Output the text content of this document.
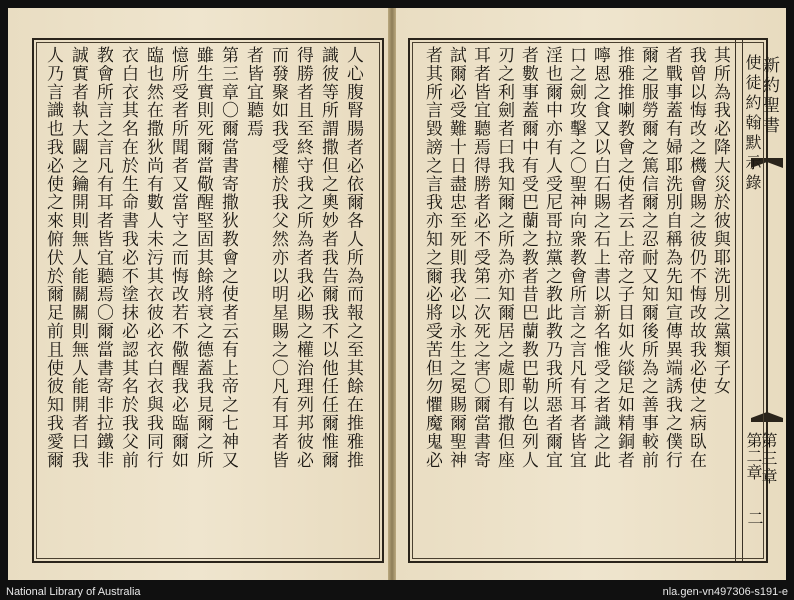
人乃言識也我必使之來俯伏於爾足前且使彼知我愛爾 誠實者執大闢之鑰開則無人能關關則無人能開者曰我 教會所言之言凡有耳者皆宜聽焉〇爾當書寄非拉鐵非 衣白衣其名在於生命書我必不塗抹必認其名於我父前 臨也然在撒狄尚有數人未污其衣彼必衣白衣與我同行 憶所受者所聞者又當守之而悔改若不儆醒我必臨爾如 雖生實則死爾當儆醒堅固其餘將衰之德蓋我見爾之所 第三章〇爾當書寄撒狄教會之使者云有上帝之七神又 者皆宜聽焉 而發聚如我受權於我父然亦以明星賜之〇凡有耳者皆 得勝者且至終守我之所為者我必賜之權治理列邦彼必 識彼等所謂撒但之奧妙者我告爾我不以他任任爾惟爾 人心腹腎腸者必依爾各人所為而報之至其餘在推雅推	新約聖書
第三章
其所為我必降大災於彼與耶洗別之黨類子女
我曾以悔改之機會賜之彼仍不悔改故我必使之病臥在
者戰事蓋有婦耶洗別自稱為先知宣傳異端誘我之僕行
爾之服勞爾之篤信爾之忍耐又知爾後所為之善事較前
推雅推喇教會之使者云上帝之子目如火燄足如精銅者
嚀恩之食又以白石賜之石上書以新名惟受之者識之此
口之劍攻擊之〇聖神向衆教會所言之言凡有耳者皆宜
淫也爾中亦有人受尼哥拉黨之教此教乃我所惡者爾宜
者數事蓋爾中有受巴蘭之教者昔巴蘭教巴勒以色列人
刃之利劍者曰我知爾之所為亦知爾居之處即有撒但座
耳者皆宜聽焉得勝者必不受第二次死之害〇爾當書寄
試爾必受難十日盡忠至死則我必以永生之冕賜爾聖神
者其所言毀謗之言我亦知之爾必將受苦但勿懼魔鬼必	使徒約翰默示錄
第二章
二
National Library of Australia	nla.gen-vn497306-s191-e
